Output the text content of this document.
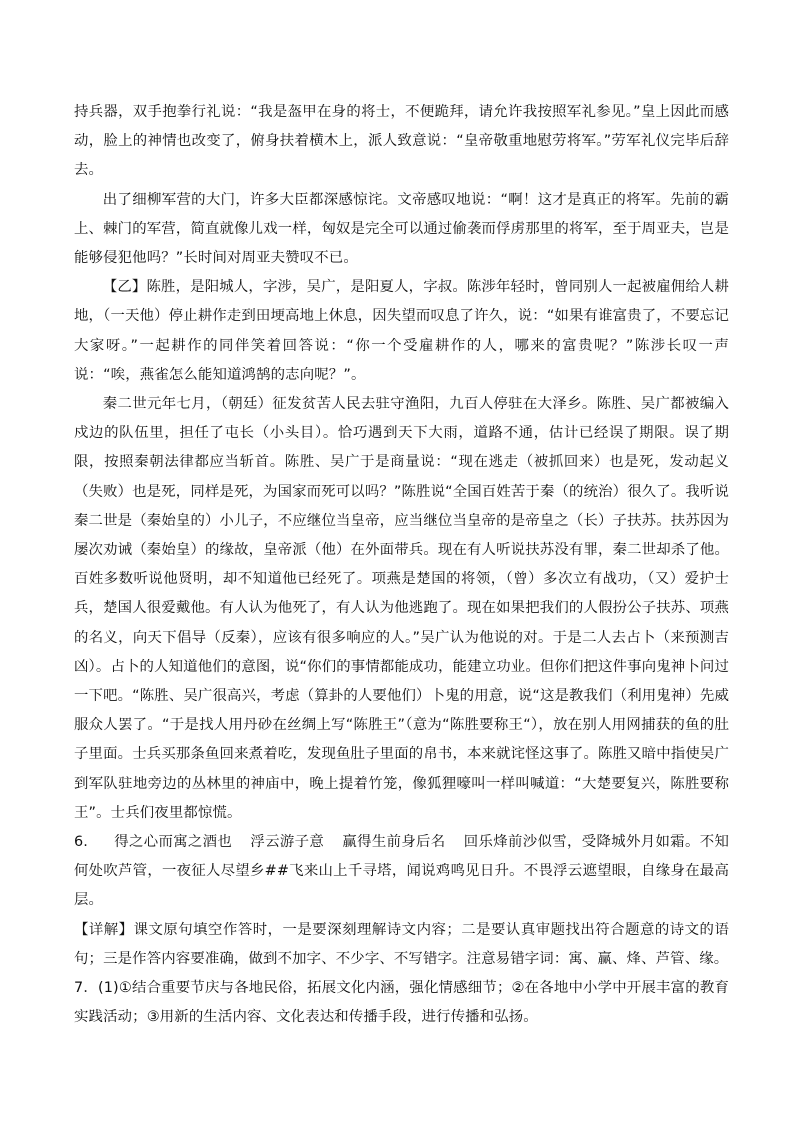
持兵器，双手抱拳行礼说：“我是盔甲在身的将士，不便跪拜，请允许我按照军礼参见。”皇上因此而感动，脸上的神情也改变了，俯身扶着横木上，派人致意说：“皇帝敬重地慰劳将军。”劳军礼仪完毕后辞去。

出了细柳军营的大门，许多大臣都深感惊诧。文帝感叹地说：“啊！这才是真正的将军。先前的霸上、棘门的军营，简直就像儿戏一样，匈奴是完全可以通过偷袭而俘虏那里的将军，至于周亚夫，岂是能够侵犯他吗？”长时间对周亚夫赞叹不已。

【乙】陈胜，是阳城人，字涉，吴广，是阳夏人，字叔。陈涉年轻时，曾同别人一起被雇佣给人耕地，（一天他）停止耕作走到田埂高地上休息，因失望而叹息了许久，说：“如果有谁富贵了，不要忘记大家呀。”一起耕作的同伴笑着回答说：“你一个受雇耕作的人，哪来的富贵呢？”陈涉长叹一声说：“唉，燕雀怎么能知道鸿鹄的志向呢？”。

秦二世元年七月，（朝廷）征发贫苦人民去驻守渔阳，九百人停驻在大泽乡。陈胜、吴广都被编入戍边的队伍里，担任了屯长（小头目）。恰巧遇到天下大雨，道路不通，估计已经误了期限。误了期限，按照秦朝法律都应当斩首。陈胜、吴广于是商量说：“现在逃走（被抓回来）也是死，发动起义（失败）也是死，同样是死，为国家而死可以吗？”陈胜说“全国百姓苦于秦（的统治）很久了。我听说秦二世是（秦始皇的）小儿子，不应继位当皇帝，应当继位当皇帝的是帝皇之（长）子扶苏。扶苏因为屡次劝诫（秦始皇）的缘故，皇帝派（他）在外面带兵。现在有人听说扶苏没有罪，秦二世却杀了他。百姓多数听说他贤明，却不知道他已经死了。项燕是楚国的将领，（曾）多次立有战功，（又）爱护士兵，楚国人很爱戴他。有人认为他死了，有人认为他逃跑了。现在如果把我们的人假扮公子扶苏、项燕的名义，向天下倡导（反秦），应该有很多响应的人。”吴广认为他说的对。于是二人去占卜（来预测吉凶）。占卜的人知道他们的意图，说“你们的事情都能成功，能建立功业。但你们把这件事向鬼神卜问过一下吧。“陈胜、吴广很高兴，考虑（算卦的人要他们）卜鬼的用意，说“这是教我们（利用鬼神）先威服众人罢了。“于是找人用丹砂在丝绸上写“陈胜王”（意为“陈胜要称王“），放在别人用网捕获的鱼的肚子里面。士兵买那条鱼回来煮着吃，发现鱼肚子里面的帛书，本来就诧怪这事了。陈胜又暗中指使吴广到军队驻地旁边的丛林里的神庙中，晚上提着竹笼，像狐狸嚎叫一样叫喊道：“大楚要复兴，陈胜要称王”。士兵们夜里都惊慌。

6. 得之心而寓之酒也 浮云游子意 赢得生前身后名 回乐烽前沙似雪，受降城外月如霜。不知何处吹芦管，一夜征人尽望乡##飞来山上千寻塔，闻说鸡鸣见日升。不畏浮云遮望眼，自缘身在最高层。

【详解】课文原句填空作答时，一是要深刻理解诗文内容；二是要认真审题找出符合题意的诗文的语句；三是作答内容要准确，做到不加字、不少字、不写错字。注意易错字词：寓、赢、烽、芦管、缘。

7．(1)①结合重要节庆与各地民俗，拓展文化内涵，强化情感细节；②在各地中小学中开展丰富的教育实践活动；③用新的生活内容、文化表达和传播手段，进行传播和弘扬。
